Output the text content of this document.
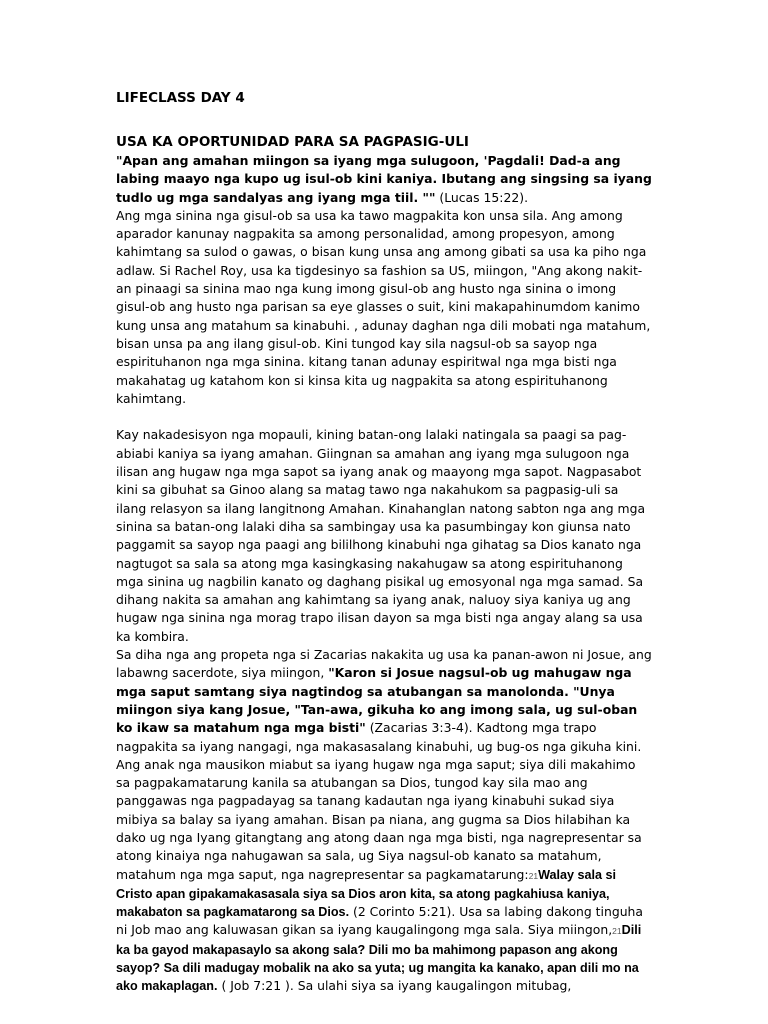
LIFECLASS DAY 4
USA KA OPORTUNIDAD PARA SA PAGPASIG-ULI

"Apan ang amahan miingon sa iyang mga sulugoon, 'Pagdali! Dad-a ang labing maayo nga kupo ug isul-ob kini kaniya. Ibutang ang singsing sa iyang tudlo ug mga sandalyas ang iyang mga tiil. "" (Lucas 15:22).

Ang mga sinina nga gisul-ob sa usa ka tawo magpakita kon unsa sila. Ang among aparador kanunay nagpakita sa among personalidad, among propesyon, among kahimtang sa sulod o gawas, o bisan kung unsa ang among gibati sa usa ka piho nga adlaw. Si Rachel Roy, usa ka tigdesinyo sa fashion sa US, miingon, "Ang akong nakit-an pinaagi sa sinina mao nga kung imong gisul-ob ang husto nga sinina o imong gisul-ob ang husto nga parisan sa eye glasses o suit, kini makapahinumdom kanimo kung unsa ang matahum sa kinabuhi. , adunay daghan nga dili mobati nga matahum, bisan unsa pa ang ilang gisul-ob. Kini tungod kay sila nagsul-ob sa sayop nga espirituhanon nga mga sinina. kitang tanan adunay espiritwal nga mga bisti nga makahatag ug katahom kon si kinsa kita ug nagpakita sa atong espirituhanong kahimtang.

Kay nakadesisyon nga mopauli, kining batan-ong lalaki natingala sa paagi sa pag-abiabi kaniya sa iyang amahan. Giingnan sa amahan ang iyang mga sulugoon nga ilisan ang hugaw nga mga sapot sa iyang anak og maayong mga sapot. Nagpasabot kini sa gibuhat sa Ginoo alang sa matag tawo nga nakahukom sa pagpasig-uli sa ilang relasyon sa ilang langitnong Amahan. Kinahanglan natong sabton nga ang mga sinina sa batan-ong lalaki diha sa sambingay usa ka pasumbingay kon giunsa nato paggamit sa sayop nga paagi ang bililhong kinabuhi nga gihatag sa Dios kanato nga nagtugot sa sala sa atong mga kasingkasing nakahugaw sa atong espirituhanong mga sinina ug nagbilin kanato og daghang pisikal ug emosyonal nga mga samad. Sa dihang nakita sa amahan ang kahimtang sa iyang anak, naluoy siya kaniya ug ang hugaw nga sinina nga morag trapo ilisan dayon sa mga bisti nga angay alang sa usa ka kombira.

Sa diha nga ang propeta nga si Zacarias nakakita ug usa ka panan-awon ni Josue, ang labawng sacerdote, siya miingon, "Karon si Josue nagsul-ob ug mahugaw nga mga saput samtang siya nagtindog sa atubangan sa manolonda. "Unya miingon siya kang Josue, "Tan-awa, gikuha ko ang imong sala, ug sul-oban ko ikaw sa matahum nga mga bisti" (Zacarias 3:3-4). Kadtong mga trapo nagpakita sa iyang nangagi, nga makasasalang kinabuhi, ug bug-os nga gikuha kini.

Ang anak nga mausikon miabut sa iyang hugaw nga mga saput; siya dili makahimo sa pagpakamatarung kanila sa atubangan sa Dios, tungod kay sila mao ang panggawas nga pagpadayag sa tanang kadautan nga iyang kinabuhi sukad siya mibiya sa balay sa iyang amahan. Bisan pa niana, ang gugma sa Dios hilabihan ka dako ug nga Iyang gitangtang ang atong daan nga mga bisti, nga nagrepresentar sa atong kinaiya nga nahugawan sa sala, ug Siya nagsul-ob kanato sa matahum, matahum nga mga saput, nga nagrepresentar sa pagkamatarung:21Walay sala si Cristo apan gipakamakasasala siya sa Dios aron kita, sa atong pagkahiusa kaniya, makabaton sa pagkamatarong sa Dios. (2 Corinto 5:21). Usa sa labing dakong tinguha ni Job mao ang kaluwasan gikan sa iyang kaugalingong mga sala. Siya miingon,21Dili ka ba gayod makapasaylo sa akong sala? Dili mo ba mahimong papason ang akong sayop? Sa dili madugay mobalik na ako sa yuta; ug mangita ka kanako, apan dili mo na ako makaplagan. ( Job 7:21 ). Sa ulahi siya sa iyang kaugalingon mitubag,
